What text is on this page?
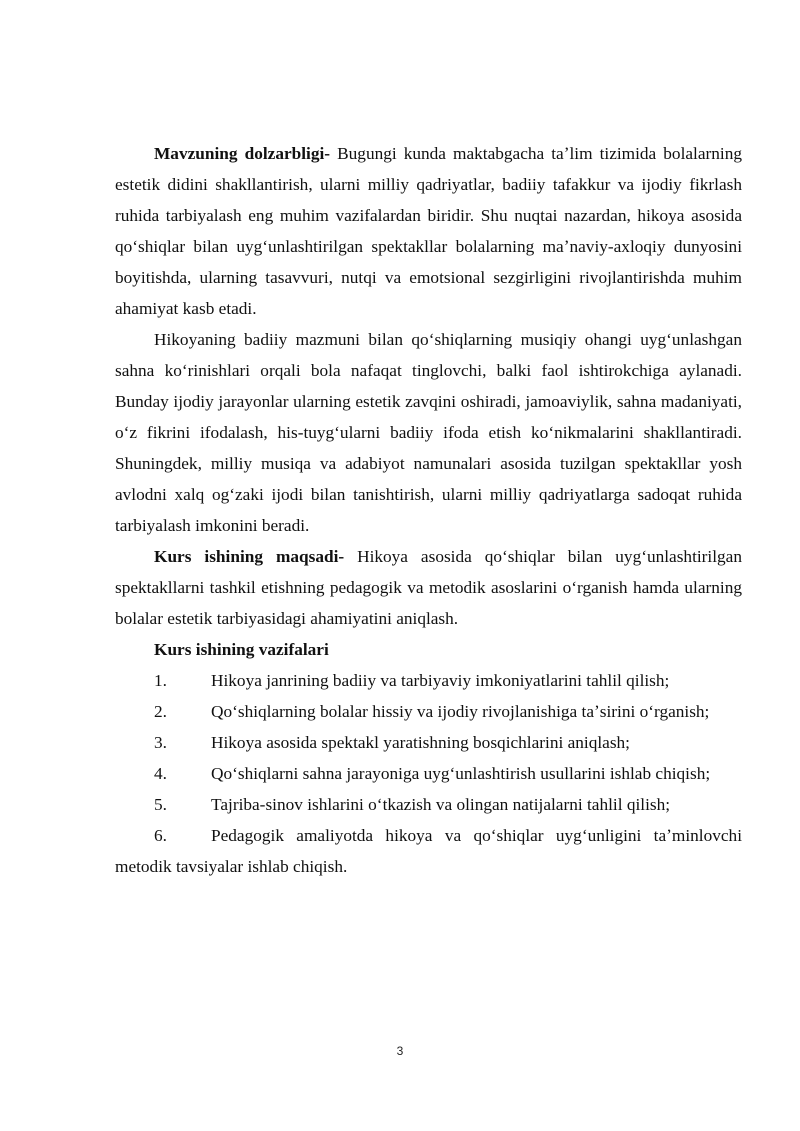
Mavzuning dolzarbligi- Bugungi kunda maktabgacha taʼlim tizimida bolalarning estetik didini shakllantirish, ularni milliy qadriyatlar, badiiy tafakkur va ijodiy fikrlash ruhida tarbiyalash eng muhim vazifalardan biridir. Shu nuqtai nazardan, hikoya asosida qoʻshiqlar bilan uygʻunlashtirilgan spektakllar bolalarning maʼnaviy-axloqiy dunyosini boyitishda, ularning tasavvuri, nutqi va emotsional sezgirligini rivojlantirishda muhim ahamiyat kasb etadi.

Hikoyaning badiiy mazmuni bilan qoʻshiqlarning musiqiy ohangi uygʻunlashgan sahna koʻrinishlari orqali bola nafaqat tinglovchi, balki faol ishtirokchiga aylanadi. Bunday ijodiy jarayonlar ularning estetik zavqini oshiradi, jamoaviylik, sahna madaniyati, oʻz fikrini ifodalash, his-tuygʻularni badiiy ifoda etish koʻnikmalarini shakllantiradi. Shuningdek, milliy musiqa va adabiyot namunalari asosida tuzilgan spektakllar yosh avlodni xalq ogʻzaki ijodi bilan tanishtirish, ularni milliy qadriyatlarga sadoqat ruhida tarbiyalash imkonini beradi.

Kurs ishining maqsadi- Hikoya asosida qoʻshiqlar bilan uygʻunlashtirilgan spektakllarni tashkil etishning pedagogik va metodik asoslarini oʻrganish hamda ularning bolalar estetik tarbiyasidagi ahamiyatini aniqlash.

Kurs ishining vazifalari

1.	Hikoya janrining badiiy va tarbiyaviy imkoniyatlarini tahlil qilish;

2.	Qoʻshiqlarning bolalar hissiy va ijodiy rivojlanishiga taʼsirini oʻrganish;

3.	Hikoya asosida spektakl yaratishning bosqichlarini aniqlash;

4.	Qoʻshiqlarni sahna jarayoniga uygʻunlashtirish usullarini ishlab chiqish;

5.	Tajriba-sinov ishlarini oʻtkazish va olingan natijalarni tahlil qilish;

6.	Pedagogik amaliyotda hikoya va qoʻshiqlar uygʻunligini taʼminlovchi metodik tavsiyalar ishlab chiqish.

3
